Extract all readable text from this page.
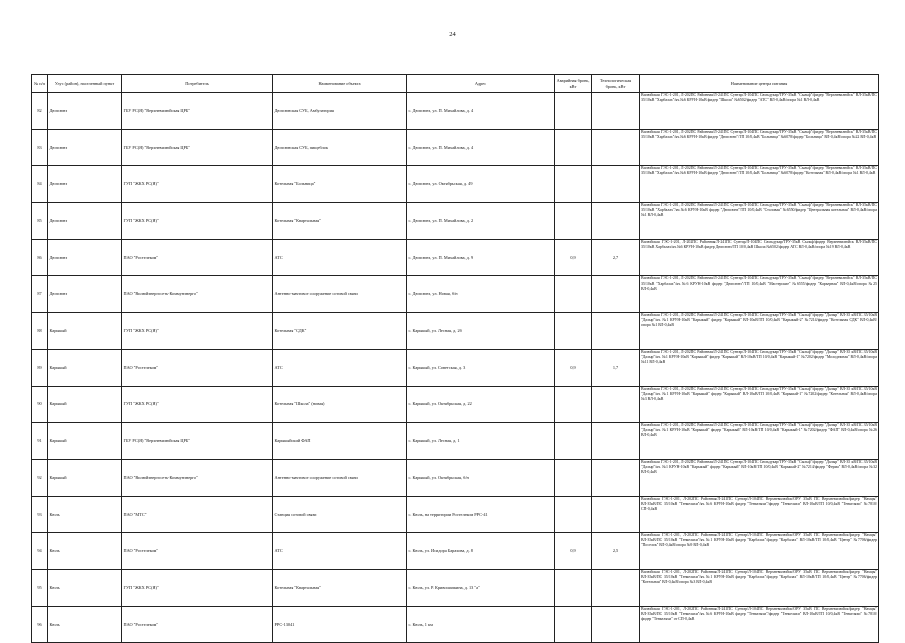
24
№ п/п	Улус (район), населенный пункт	Потребитель	Наименование объекта	Адрес	Аварийная бронь, кВт	Технологическая бронь, кВт	Наименование центра питания
82	Дюпсюнэ	ГБУ РС(Я) "Верхневилюйская ЦРБ"	Дюпсюнская СУБ, Амбулатория	с. Дюпсюнэ, ул. П. Михайлова, д. 4			Вилюйская ГЭС-1-201, Л-202ПС Районная/Л-241ПС Сунтар/Л-104ПС Сюльдукар/ТРУ-35кВ "Сыльф"/фидер "Верхневилюйск" ВЛ-35кВ/ПС 35/10кВ "Харбалах"/яч.№6 КРУН-10кВ фидер "Школа" №6502/фидер "АТС" ВЛ-0,4кВ/опора №1 ВЛ-0,4кВ
83	Дюпсюнэ	ГБУ РС(Я) "Верхневилюйская ЦРБ"	Дюпсюнская СУБ, пищеблок	с. Дюпсюнэ, ул. П. Михайлова, д. 4			Вилюйская ГЭС-1-201, Л-202ПС Районная/Л-241ПС Сунтар/Л-104ПС Сюльдукар/ТРУ-35кВ "Сыльф"/фидер "Верхневилюйск" ВЛ-35кВ/ПС 35/10кВ "Харбалах"/яч.№6 КРУН-10кВ фидер "Дюпсюнэ"/ТП 10/0,4кВ "Больница" №6078/фидер "Больница" ВЛ-0,4кВ/опора №22 ВЛ-0,4кВ
84	Дюпсюнэ	ГУП "ЖКХ РС(Я)"	Котельная "Больница"	с. Дюпсюнэ, ул. Октябрьская, д. 49			Вилюйская ГЭС-1-201, Л-202ПС Районная/Л-241ПС Сунтар/Л-104ПС Сюльдукар/ТРУ-35кВ "Сыльф"/фидер "Верхневилюйск" ВЛ-35кВ/ПС 35/10кВ "Харбалах"/яч.№6 КРУН-10кВ фидер "Дюпсюнэ"/ТП 10/0,4кВ "Больница" №6078/фидер "Котельная" ВЛ-0,4кВ/опора №1 ВЛ-0,4кВ
85	Дюпсюнэ	ГУП "ЖКХ РС(Я)"	Котельная "Квартальная"	с. Дюпсюнэ, ул. П. Михайлова, д. 2			Вилюйская ГЭС-1-201, Л-202ПС Районная/Л-241ПС Сунтар/Л-104ПС Сюльдукар/ТРУ-35кВ "Сыльф"/фидер "Верхневилюйск" ВЛ-35кВ/ПС 35/10кВ "Харбалах"/яч.№6 КРУН-10кВ фидер "Дюпсюнэ"/ТП 10/0,4кВ "Столовая" №6550/фидер "Центральная котельная" ВЛ-0,4кВ/опора №1 ВЛ-0,4кВ
86	Дюпсюнэ	ПАО "Ростелеком"	АТС	с. Дюпсюнэ, ул. П. Михайлова, д. 9	0,9	2,7	Вилюйская ГЭС-1-201, Л-202ПС Районная/Л-241ПС Сунтар/Л-104ПС Сюльдукар/ТРУ-35кВ Сыльф/фидер Верхневилюйск ВЛ-35кВ/ПС 35/10кВ Харбалах/яч.№6 КРУН-10кВ фидер Дюпсюнэ/ТП 10/0,4кВ Школа №6502/фидер АТС ВЛ-0,4кВ/опора №19 ВЛ-0,4кВ
87	Дюпсюнэ	ПАО "Вилюйэнергосеть-Коммунэнерго"	Антенно-мачтовое сооружение сотовой связи	с. Дюпсюнэ, ул. Новая, б/н			Вилюйская ГЭС-1-201, Л-202ПС Районная/Л-241ПС Сунтар/Л-104ПС Сюльдукар/ТРУ-35кВ "Сыльф"/фидер "Верхневилюйск" ВЛ-35кВ/ПС 35/10кВ "Харбалах"/яч.№6 КРУН-10кВ фидер "Дюпсюнэ"/ТП 10/0,4кВ "Мастерские" №6555/фидер "Карьерная" ВЛ-0,4кВ/опора №25 ВЛ-0,4кВ
88	Карыкый	ГУП "ЖКХ РС(Я)"	Котельная "СДК"	с. Карыкый, ул. Лесная, д. 2б			Вилюйская ГЭС-1-201, Л-202ПС Районная/Л-241ПС Сунтар/Л-104ПС Сюльдукар/ТРУ-35кВ "Сыльф"/фидер "Далыр" ВЛ-35 кВ/ПС 35/10кВ "Далыр"/яч. №1 КРУН-10кВ "Карыкый" фидер "Карыкый" ВЛ-10кВ/ТП 10/0,4кВ "Карыкый-2" №7214/фидер "Котельная СДК" ВЛ-0,4кВ/опора №1 ВЛ-0,4кВ
89	Карыкый	ПАО "Ростелеком"	АТС	с. Карыкый, ул. Советская, д. 3	0,9	1,7	Вилюйская ГЭС-1-201, Л-202ПС Районная/Л-241ПС Сунтар/Л-104ПС Сюльдукар/ТРУ-35кВ "Сыльф"/фидер "Далыр" ВЛ-35 кВ/ПС 35/10кВ "Далыр"/яч. №1 КРУН-10кВ "Карыкый" фидер "Карыкый" ВЛ-10кВ/ТП 10/0,4кВ "Карыкый-1" №7202/фидер "Молодежная" ВЛ-0,4кВ/опора №11 ВЛ-0,4кВ
90	Карыкый	ГУП "ЖКХ РС(Я)"	Котельная "Школа" (новая)	с. Карыкый, ул. Октябрьская, д. 22			Вилюйская ГЭС-1-201, Л-202ПС Районная/Л-241ПС Сунтар/Л-104ПС Сюльдукар/ТРУ-35кВ "Сыльф"/фидер "Далыр" ВЛ-35 кВ/ПС 35/10кВ "Далыр"/яч. №1 КРУН-10кВ "Карыкый" фидер "Карыкый" ВЛ-10кВ/ТП 10/0,4кВ "Карыкый-1" №7202/фидер "Котельная" ВЛ-0,4кВ/опора №3 ВЛ-0,4кВ
91	Карыкый	ГБУ РС(Я) "Верхневилюйская ЦРБ"	Карыкыйский ФАП	с. Карыкый, ул. Лесная, д. 1			Вилюйская ГЭС-1-201, Л-202ПС Районная/Л-241ПС Сунтар/Л-104ПС Сюльдукар/ТРУ-35кВ "Сыльф"/фидер "Далыр" ВЛ-35 кВ/ПС 35/10кВ "Далыр"/яч. №1 КРУН-10кВ "Карыкый" фидер "Карыкый" ВЛ-10кВ/ТП 10/0,4кВ "Карыкый-1" №7202/фидер "ФАП" ВЛ-0,4кВ/опора №26 ВЛ-0,4кВ
92	Карыкый	ПАО "Вилюйэнергосеть-Коммунэнерго"	Антенно-мачтовое сооружение сотовой связи	с. Карыкый, ул. Октябрьская, б/н			Вилюйская ГЭС-1-201, Л-202ПС Районная/Л-241ПС Сунтар/Л-104ПС Сюльдукар/ТРУ-35кВ "Сыльф"/фидер "Далыр" ВЛ-35 кВ/ПС 35/10кВ "Далыр"/яч. №1 КРУН-10кВ "Карыкый" фидер "Карыкый" ВЛ-10кВ/ТП 10/0,4кВ "Карыкый-2" №7214/фидер "Ферма" ВЛ-0,4кВ/опора №32 ВЛ-0,4кВ
93	Кюль	ПАО "МТС"	Станция сотовой связи	с. Кюль, на территории Ростелеком РРС-41			Вилюйская ГЭС-1-201, Л-202ПС Районная/Л-241ПС Сунтар/Л-104ПС Верхневилюйск/ОРУ 35кВ ПС Верхневилюйск/фидер "Намцы" ВЛ-35кВ/ПС 35/10кВ "Тенкеляхи"/яч.№6 КРУН-10кВ фидер "Тенкеляхи"/фидер "Тенкеляхи" ВЛ-10кВ/ТП 10/0,4кВ "Тенкеляхи" №7810/СП-0,4кВ
94	Кюль	ПАО "Ростелеком"	АТС	с. Кюль, ул. Исидора Барахова, д. 8	0,9	2,5	Вилюйская ГЭС-1-201, Л-202ПС Районная/Л-241ПС Сунтар/Л-104ПС Верхневилюйск/ОРУ 35кВ ПС Верхневилюйск/фидер "Намцы" ВЛ-35кВ/ПС 35/10кВ "Тенкеляхи"/яч.№1 КРУН-10кВ фидер "Карбалах"/фидер "Карбалах" ВЛ-10кВ/ТП 10/0,4кВ "Центр" №7706/фидер "Поселок" ВЛ-0,4кВ/опора №9 ВЛ-0,4кВ
95	Кюль	ГУП "ЖКХ РС(Я)"	Котельная "Квартальная"	с. Кюль, ул. Р. Кривошапкина, д. 13 "а"			Вилюйская ГЭС-1-201, Л-202ПС Районная/Л-241ПС Сунтар/Л-104ПС Верхневилюйск/ОРУ 35кВ ПС Верхневилюйск/фидер "Намцы" ВЛ-35кВ/ПС 35/10кВ "Тенкеляхи"/яч.№1 КРУН-10кВ фидер "Карбалах"/фидер "Карбалах" ВЛ-10кВ/ТП 10/0,4кВ "Центр" №7706/фидер "Котельная" ВЛ-0,4кВ/опора №3 ВЛ-0,4кВ
96	Кюль	ПАО "Ростелеком"	РРС-13041	с. Кюль, 1 км			Вилюйская ГЭС-1-201, Л-202ПС Районная/Л-241ПС Сунтар/Л-104ПС Верхневилюйск/ОРУ 35кВ ПС Верхневилюйск/фидер "Намцы" ВЛ-35кВ/ПС 35/10кВ "Тенкеляхи"/яч.№6 КРУН-10кВ фидер "Тенкеляхи"/фидер "Тенкеляхи" ВЛ-10кВ/ТП 10/0,4кВ "Тенкеляхи" №7810/фидер "Тенкеляхи" от СП-0,4кВ
